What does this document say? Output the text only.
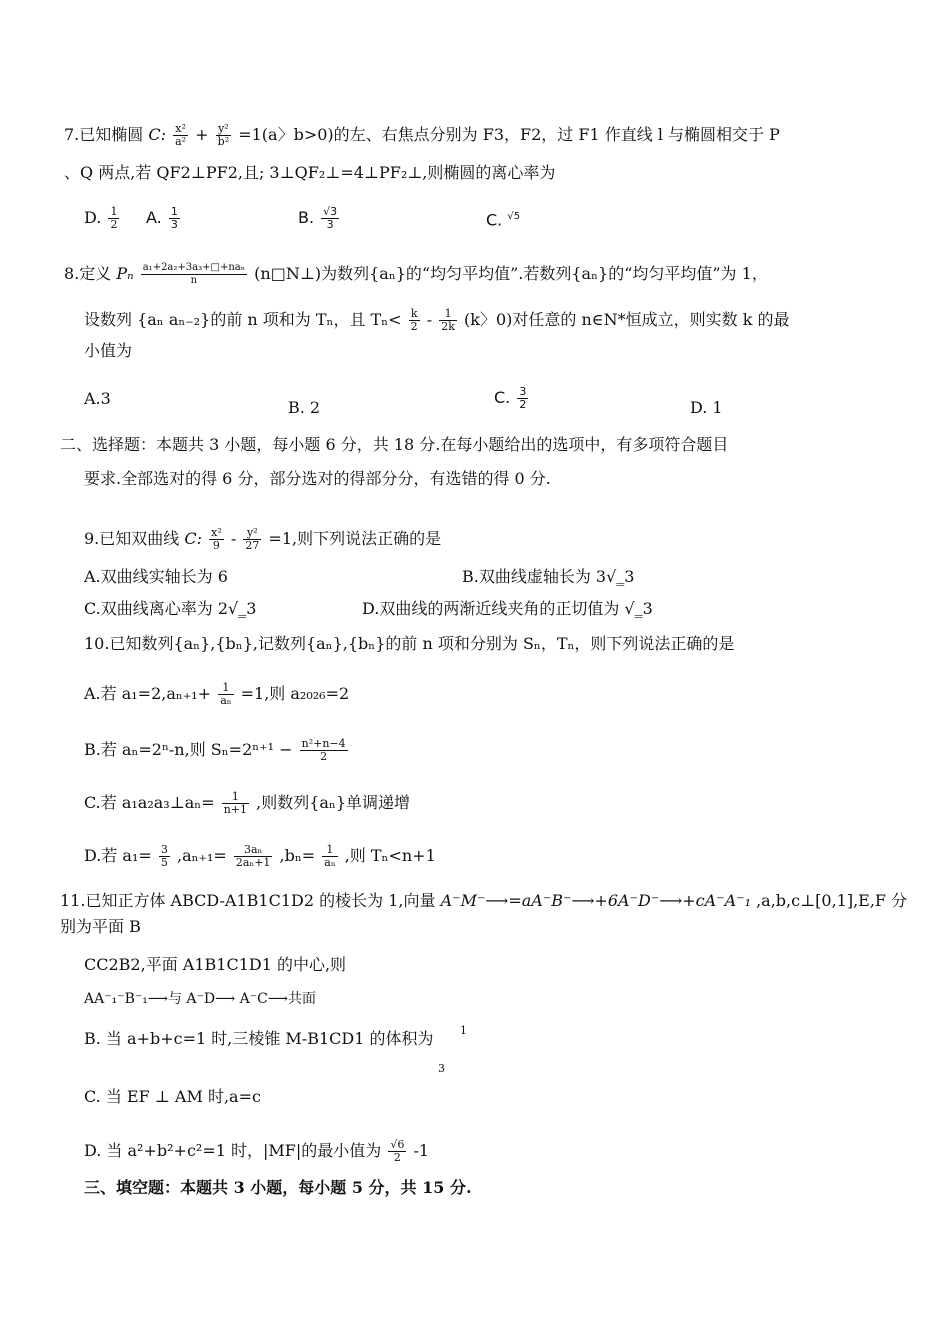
7.已知椭圆 C: $\frac{\text{x²}}{\text{a²}} + \frac{\text{y²}}{\text{b²}} =1(a$〉b>0)的左、右焦点分别为 F3，F2，过 F1 作直线 l 与椭圆相交于 P
、Q 两点,若 QF2⊥PF2,且; 3⊥QF₂⊥=4⊥PF₂⊥,则椭圆的离心率为
D. $\frac{1}{2} A$. $\frac{1}{3}$	B. $\frac{√3}{3}$	C. $^{√5}$
8.定义 Pₙ $\frac{\text{a₁+2a₂+3a₃+□+naₙ}}{n}$ (n□N⊥)为数列{aₙ}的“均匀平均值”.若数列{aₙ}的“均匀平均值”为 1，
设数列 {aₙ aₙ₋₂}的前 n 项和为 Tₙ，且 $T_n< \frac{k}{2} - \frac{1}{2k} (k$〉0)对任意的 n∈N*恒成立，则实数 k 的最
小值为
A.3	B. 2
C. $\frac{3}{2}$	D. 1
二、选择题：本题共 3 小题，每小题 6 分，共 18 分.在每小题给出的选项中，有多项符合题目
要求.全部选对的得 6 分，部分选对的得部分分，有选错的得 0 分.
9.已知双曲线 C: $\frac{\text{x²}}{9} - \frac{\text{y²}}{27} =1$,则下列说法正确的是
A.双曲线实轴长为 6	B.双曲线虚轴长为 3√‗3
C.双曲线离心率为 2√‗3	D.双曲线的两渐近线夹角的正切值为 √‗3
10.已知数列{aₙ},{bₙ},记数列{aₙ},{bₙ}的前 n 项和分别为 Sₙ，Tₙ，则下列说法正确的是
A.若 $a_1=2,a_{n+1}+ \frac{1}{\text{aₙ}} =1$,则 a₂₀₂₆=2
B.若 aₙ=2ⁿ-n,则 $S_n=2^{n+1} - \frac{\text{n²+n−4}}{2}$
C.若 a₁a₂a₃⊥aₙ= $\frac{1}{n+1}$ ,则数列{aₙ}单调递增
D.若 $a_1= \frac{3}{5} ,a_{n+1}= \frac{\text{3aₙ}}{\text{2aₙ+1}} ,b_n= \frac{1}{\text{aₙ}}$ ,则 Tₙ<n+1
11.已知正方体 ABCD-A1B1C1D2 的棱长为 1,向量 A⁻M⁻⟶=aA⁻B⁻⟶+6A⁻D⁻⟶+cA⁻A⁻₁ ,a,b,c⊥[0,1],E,F 分
别为平面 B
CC2B2,平面 A1B1C1D1 的中心,则
AA⁻₁⁻B⁻₁⟶与 A⁻D⟶ A⁻C⟶共面
B. 当 a+b+c=1 时,三棱锥 M-B1CD1 的体积为 1
3
C. 当 EF ⊥ AM 时,a=c
D. 当 a²+b²+c²=1 时，|MF|的最小值为 $\frac{√6}{2} -1$
三、填空题：本题共 3 小题，每小题 5 分，共 15 分.
